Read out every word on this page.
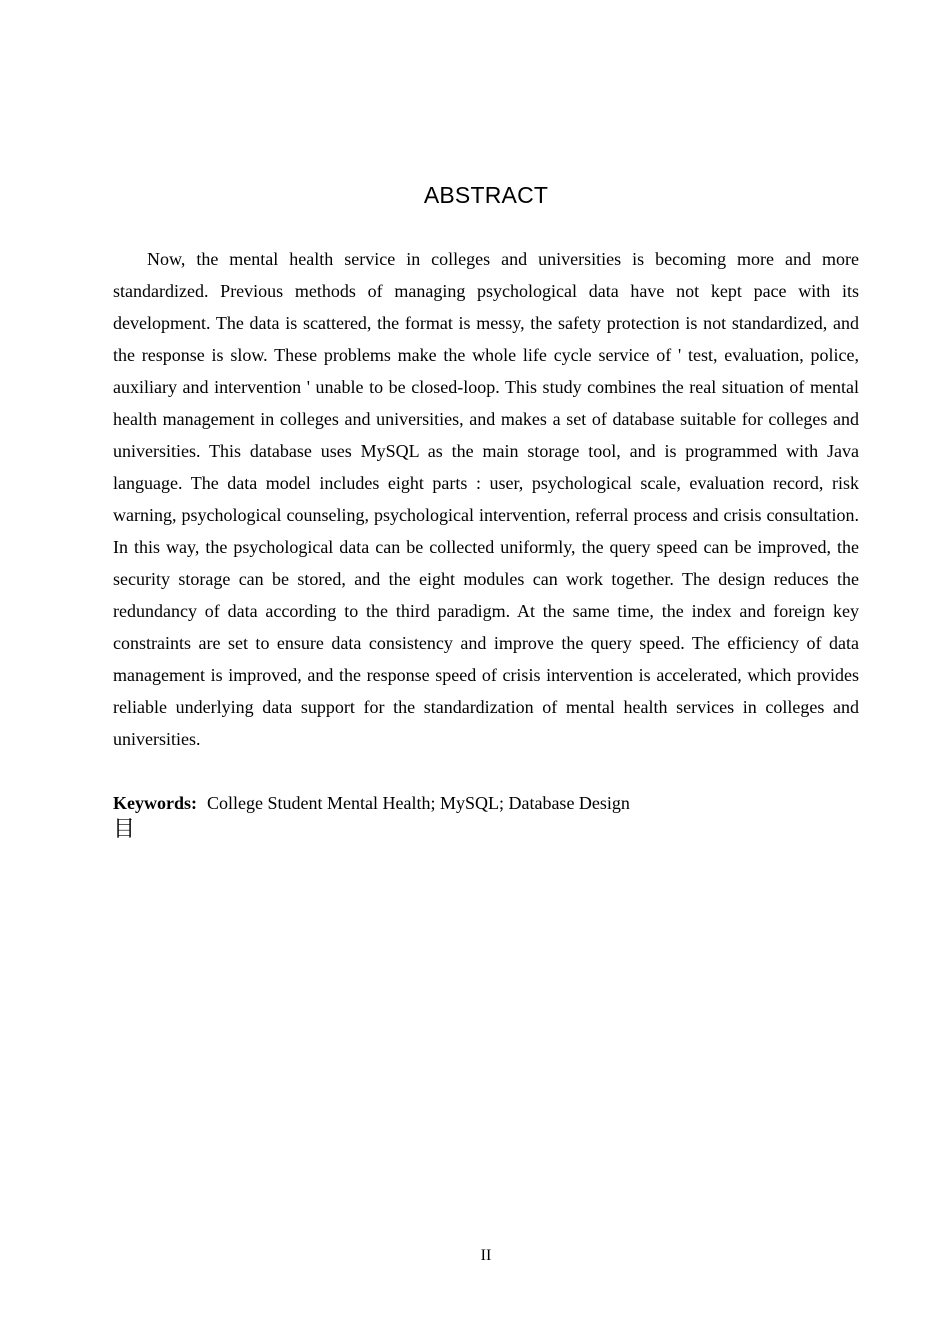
ABSTRACT

Now, the mental health service in colleges and universities is becoming more and more standardized. Previous methods of managing psychological data have not kept pace with its development. The data is scattered, the format is messy, the safety protection is not standardized, and the response is slow. These problems make the whole life cycle service of ' test, evaluation, police, auxiliary and intervention ' unable to be closed-loop. This study combines the real situation of mental health management in colleges and universities, and makes a set of database suitable for colleges and universities. This database uses MySQL as the main storage tool, and is programmed with Java language. The data model includes eight parts : user, psychological scale, evaluation record, risk warning, psychological counseling, psychological intervention, referral process and crisis consultation. In this way, the psychological data can be collected uniformly, the query speed can be improved, the security storage can be stored, and the eight modules can work together. The design reduces the redundancy of data according to the third paradigm. At the same time, the index and foreign key constraints are set to ensure data consistency and improve the query speed. The efficiency of data management is improved, and the response speed of crisis intervention is accelerated, which provides reliable underlying data support for the standardization of mental health services in colleges and universities.

Keywords: College Student Mental Health; MySQL; Database Design
目
II
